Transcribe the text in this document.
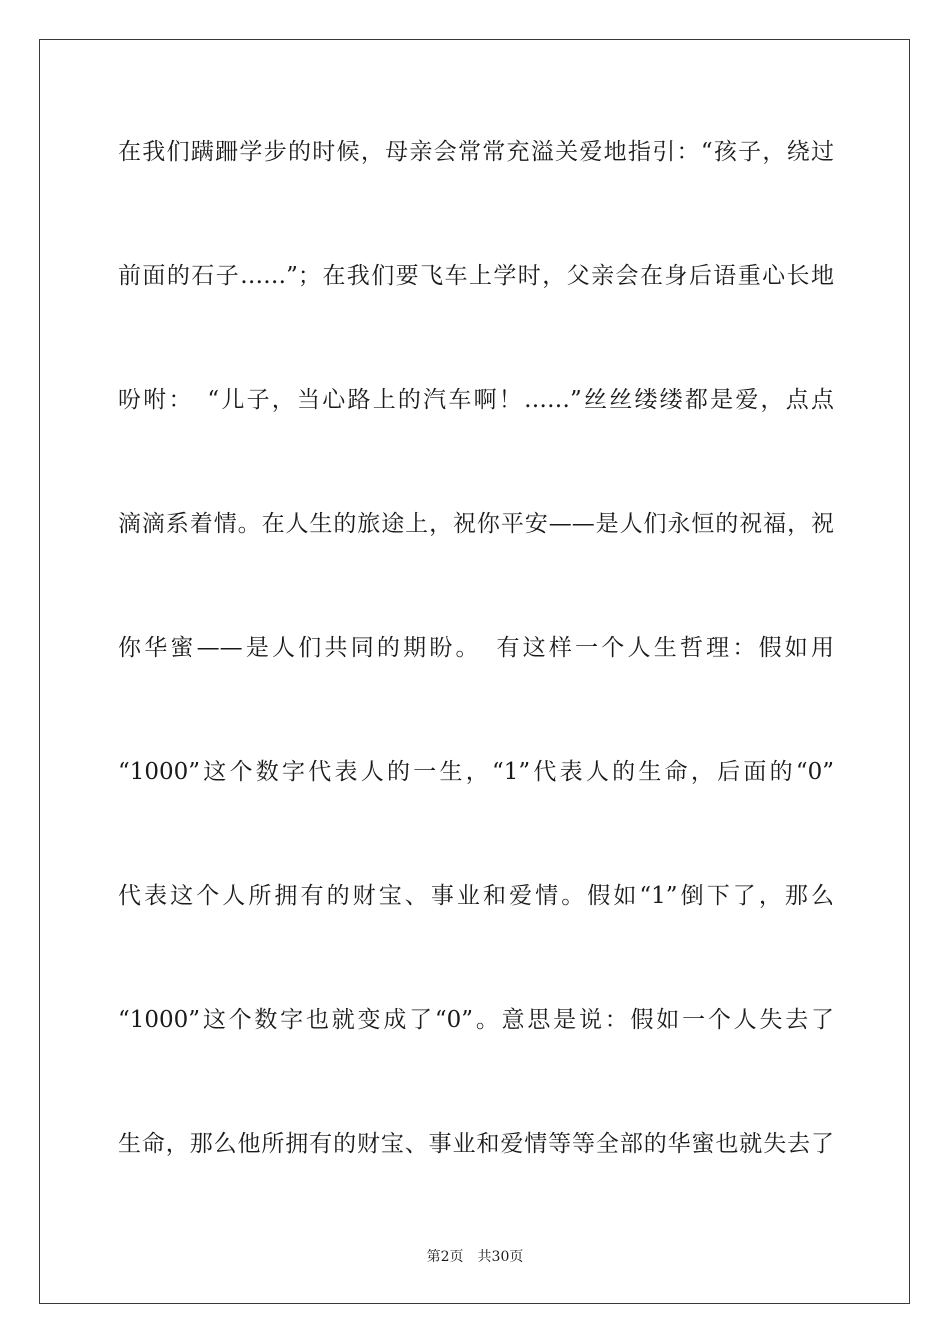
在我们蹒跚学步的时候，母亲会常常充溢关爱地指引：“孩子，绕过
前面的石子……”；在我们要飞车上学时，父亲会在身后语重心长地
吩咐：　“儿子，当心路上的汽车啊！……”丝丝缕缕都是爱，点点
滴滴系着情。在人生的旅途上，祝你平安——是人们永恒的祝福，祝
你华蜜——是人们共同的期盼。　有这样一个人生哲理：假如用
“1000”这个数字代表人的一生，“1”代表人的生命，后面的“0”
代表这个人所拥有的财宝、事业和爱情。假如“1”倒下了，那么
“1000”这个数字也就变成了“0”。意思是说：假如一个人失去了
生命，那么他所拥有的财宝、事业和爱情等等全部的华蜜也就失去了
第2页 共30页
